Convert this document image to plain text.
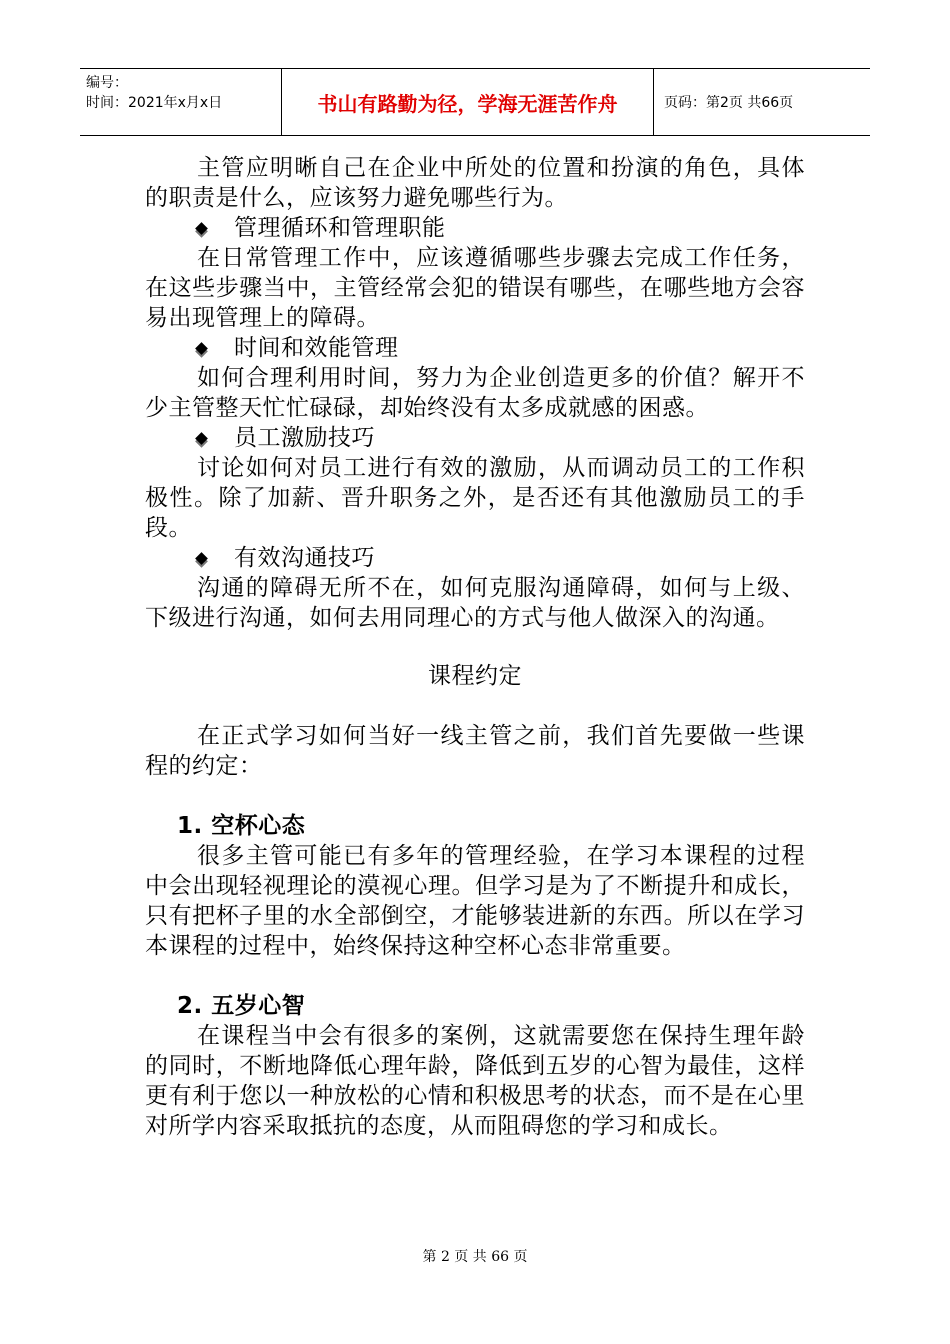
编号：
时间：2021年x月x日	书山有路勤为径，学海无涯苦作舟	页码：第2页 共66页

主管应明晰自己在企业中所处的位置和扮演的角色，具体的职责是什么，应该努力避免哪些行为。

管理循环和管理职能

在日常管理工作中，应该遵循哪些步骤去完成工作任务，在这些步骤当中，主管经常会犯的错误有哪些，在哪些地方会容易出现管理上的障碍。

时间和效能管理

如何合理利用时间，努力为企业创造更多的价值？解开不少主管整天忙忙碌碌，却始终没有太多成就感的困惑。

员工激励技巧

讨论如何对员工进行有效的激励，从而调动员工的工作积极性。除了加薪、晋升职务之外，是否还有其他激励员工的手段。

有效沟通技巧

沟通的障碍无所不在，如何克服沟通障碍，如何与上级、下级进行沟通，如何去用同理心的方式与他人做深入的沟通。

课程约定

在正式学习如何当好一线主管之前，我们首先要做一些课程的约定：

1. 空杯心态

很多主管可能已有多年的管理经验，在学习本课程的过程中会出现轻视理论的漠视心理。但学习是为了不断提升和成长，只有把杯子里的水全部倒空，才能够装进新的东西。所以在学习本课程的过程中，始终保持这种空杯心态非常重要。

2. 五岁心智

在课程当中会有很多的案例，这就需要您在保持生理年龄的同时，不断地降低心理年龄，降低到五岁的心智为最佳，这样更有利于您以一种放松的心情和积极思考的状态，而不是在心里对所学内容采取抵抗的态度，从而阻碍您的学习和成长。

第 2 页 共 66 页
